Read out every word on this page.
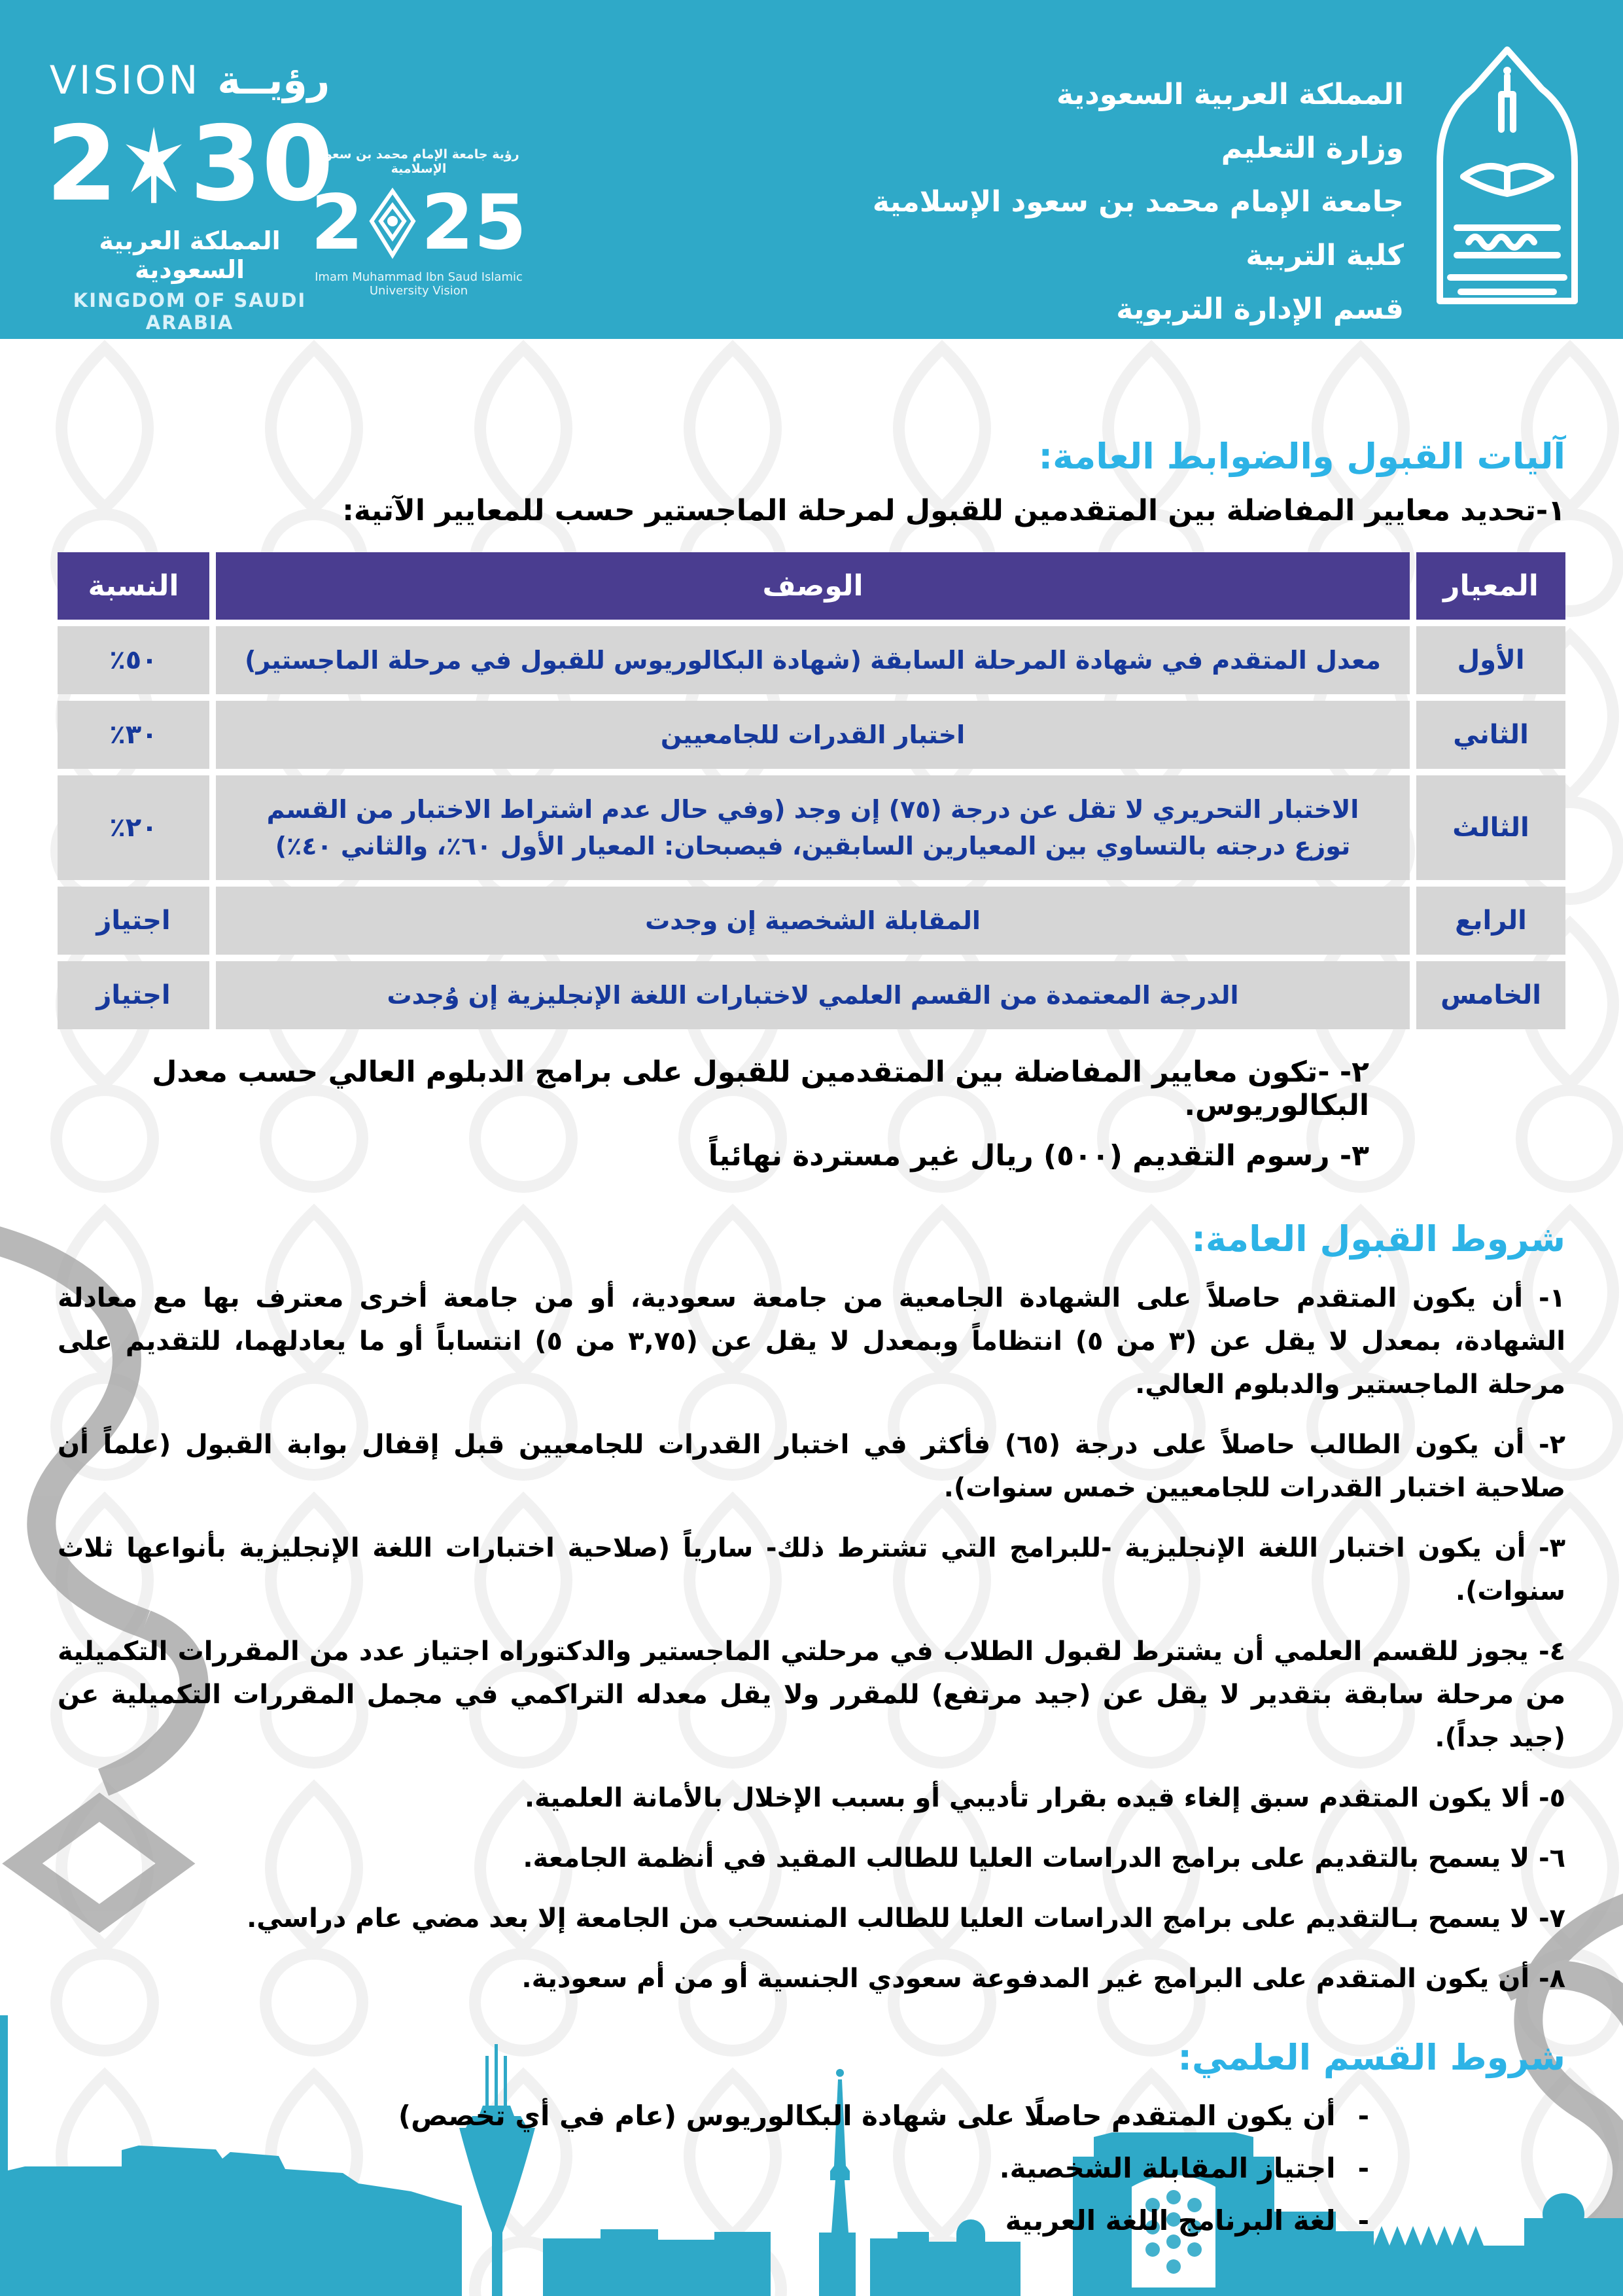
VISION رؤيــة
2 30
المملكة العربية السعودية
KINGDOM OF SAUDI ARABIA
رؤية جامعة الإمام محمد بن سعود الإسلامية
2 25
Imam Muhammad Ibn Saud Islamic University Vision
المملكة العربية السعودية
وزارة التعليم
جامعة الإمام محمد بن سعود الإسلامية
كلية التربية
قسم الإدارة التربوية
آليات القبول والضوابط العامة:

١-تحديد معايير المفاضلة بين المتقدمين للقبول لمرحلة الماجستير حسب للمعايير الآتية:

المعيار
الوصف
النسبة
الأول
معدل المتقدم في شهادة المرحلة السابقة (شهادة البكالوريوس للقبول في مرحلة الماجستير)
٥٠٪
الثاني
اختبار القدرات للجامعيين
٣٠٪
الثالث
الاختبار التحريري لا تقل عن درجة (٧٥) إن وجد (وفي حال عدم اشتراط الاختبار من القسم توزع درجته بالتساوي بين المعيارين السابقين، فيصبحان: المعيار الأول ٦٠٪، والثاني ٤٠٪)
٢٠٪
الرابع
المقابلة الشخصية إن وجدت
اجتياز
الخامس
الدرجة المعتمدة من القسم العلمي لاختبارات اللغة الإنجليزية إن وُجدت
اجتياز

٢- -تكون معايير المفاضلة بين المتقدمين للقبول على برامج الدبلوم العالي حسب معدل البكالوريوس.

٣- رسوم التقديم (٥٠٠) ريال غير مستردة نهائياً

شروط القبول العامة:

١- أن يكون المتقدم حاصلاً على الشهادة الجامعية من جامعة سعودية، أو من جامعة أخرى معترف بها مع معادلة الشهادة، بمعدل لا يقل عن (٣ من ٥) انتظاماً وبمعدل لا يقل عن (٣,٧٥ من ٥) انتساباً أو ما يعادلهما، للتقديم على مرحلة الماجستير والدبلوم العالي.

٢- أن يكون الطالب حاصلاً على درجة (٦٥) فأكثر في اختبار القدرات للجامعيين قبل إقفال بوابة القبول (علماً أن صلاحية اختبار القدرات للجامعيين خمس سنوات).

٣- أن يكون اختبار اللغة الإنجليزية -للبرامج التي تشترط ذلك- سارياً (صلاحية اختبارات اللغة الإنجليزية بأنواعها ثلاث سنوات).

٤- يجوز للقسم العلمي أن يشترط لقبول الطلاب في مرحلتي الماجستير والدكتوراه اجتياز عدد من المقررات التكميلية من مرحلة سابقة بتقدير لا يقل عن (جيد مرتفع) للمقرر ولا يقل معدله التراكمي في مجمل المقررات التكميلية عن (جيد جداً).

٥- ألا يكون المتقدم سبق إلغاء قيده بقرار تأديبي أو بسبب الإخلال بالأمانة العلمية.

٦- لا يسمح بالتقديم على برامج الدراسات العليا للطالب المقيد في أنظمة الجامعة.

٧- لا يسمح بـالتقديم على برامج الدراسات العليا للطالب المنسحب من الجامعة إلا بعد مضي عام دراسي.

٨- أن يكون المتقدم على البرامج غير المدفوعة سعودي الجنسية أو من أم سعودية.

شروط القسم العلمي:
- أن يكون المتقدم حاصلًا على شهادة البكالوريوس (عام في أي تخصص)
- اجتياز المقابلة الشخصية.
- لغة البرنامج اللغة العربية
